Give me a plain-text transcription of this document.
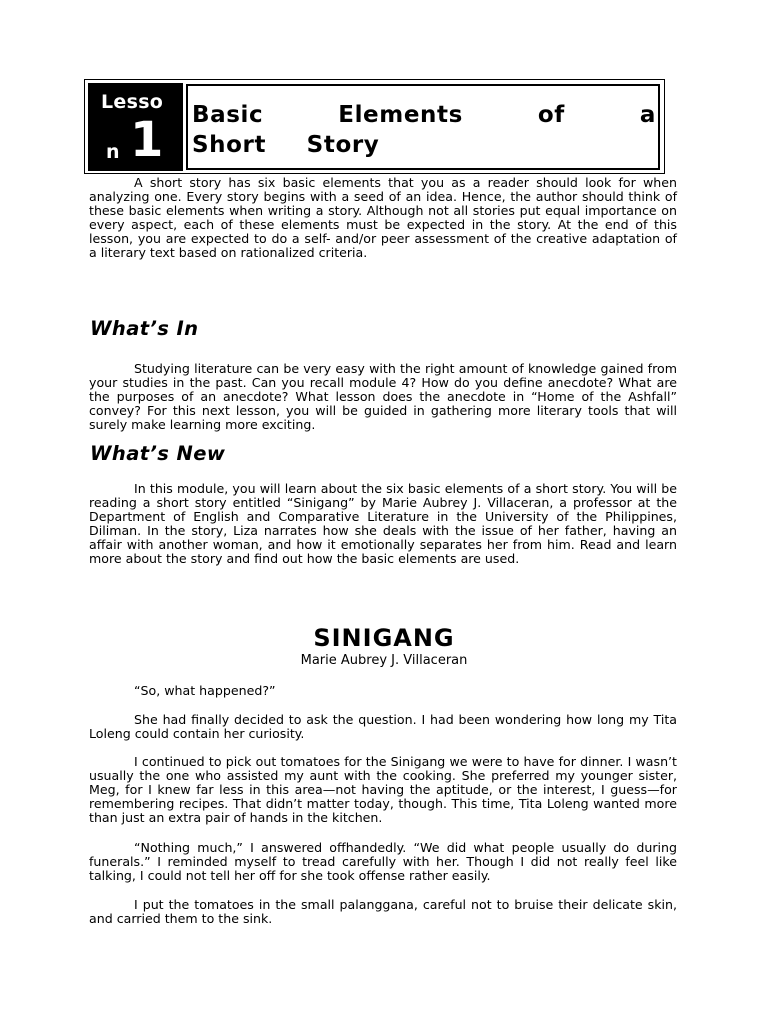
Lesso
1
n
Basic Elements of a Short Story

A short story has six basic elements that you as a reader should look for when analyzing one. Every story begins with a seed of an idea. Hence, the author should think of these basic elements when writing a story. Although not all stories put equal importance on every aspect, each of these elements must be expected in the story. At the end of this lesson, you are expected to do a self- and/or peer assessment of the creative adaptation of a literary text based on rationalized criteria.

What’s In

Studying literature can be very easy with the right amount of knowledge gained from your studies in the past. Can you recall module 4? How do you define anecdote? What are the purposes of an anecdote? What lesson does the anecdote in “Home of the Ashfall” convey? For this next lesson, you will be guided in gathering more literary tools that will surely make learning more exciting.

What’s New

In this module, you will learn about the six basic elements of a short story. You will be reading a short story entitled “Sinigang” by Marie Aubrey J. Villaceran, a professor at the Department of English and Comparative Literature in the University of the Philippines, Diliman. In the story, Liza narrates how she deals with the issue of her father, having an affair with another woman, and how it emotionally separates her from him. Read and learn more about the story and find out how the basic elements are used.

SINIGANG

Marie Aubrey J. Villaceran

“So, what happened?”

She had finally decided to ask the question. I had been wondering how long my Tita Loleng could contain her curiosity.

I continued to pick out tomatoes for the Sinigang we were to have for dinner. I wasn’t usually the one who assisted my aunt with the cooking. She preferred my younger sister, Meg, for I knew far less in this area—not having the aptitude, or the interest, I guess—for remembering recipes. That didn’t matter today, though. This time, Tita Loleng wanted more than just an extra pair of hands in the kitchen.

“Nothing much,” I answered offhandedly. “We did what people usually do during funerals.” I reminded myself to tread carefully with her. Though I did not really feel like talking, I could not tell her off for she took offense rather easily.

I put the tomatoes in the small palanggana, careful not to bruise their delicate skin, and carried them to the sink.
